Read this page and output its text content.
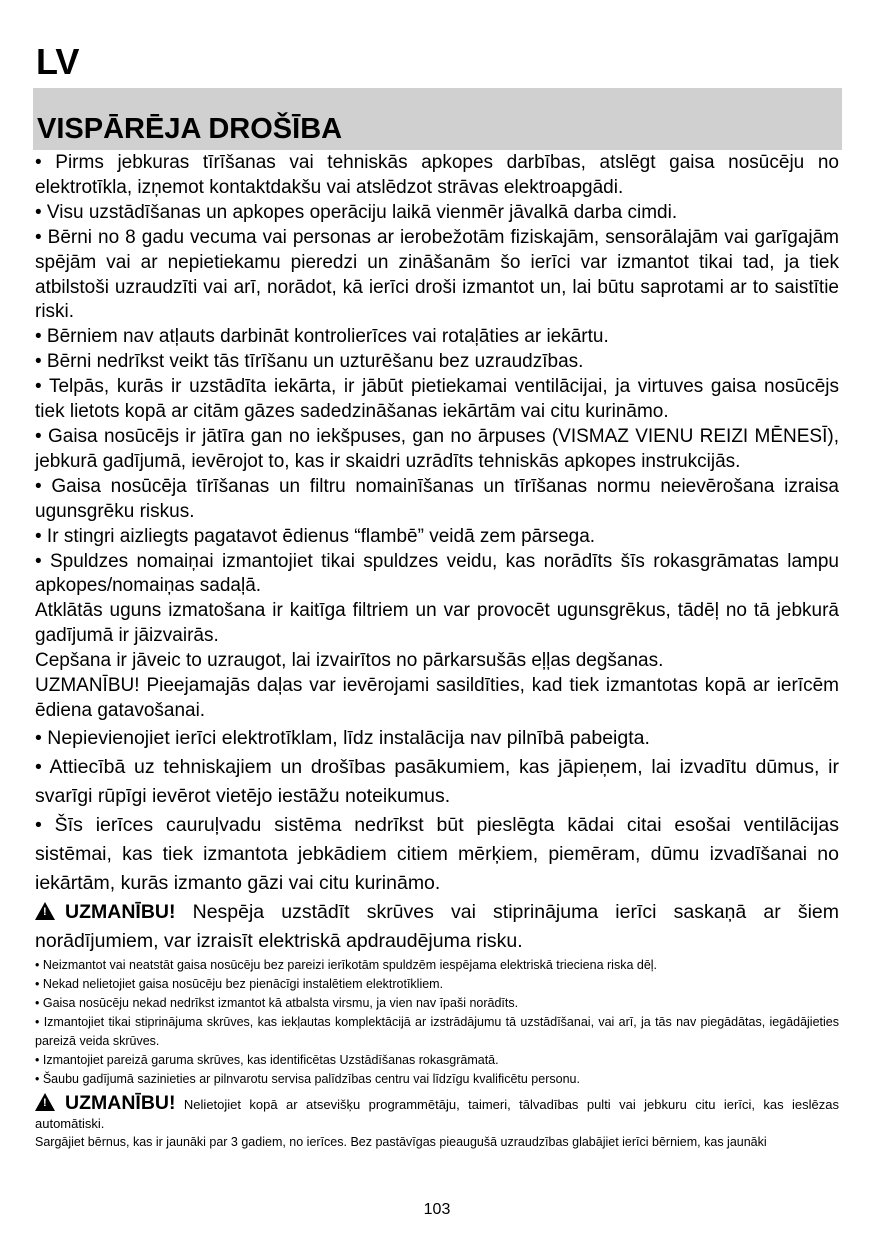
LV
VISPĀRĒJA DROŠĪBA

• Pirms jebkuras tīrīšanas vai tehniskās apkopes darbības, atslēgt gaisa nosūcēju no elektrotīkla, izņemot kontaktdakšu vai atslēdzot strāvas elektroapgādi.

• Visu uzstādīšanas un apkopes operāciju laikā vienmēr jāvalkā darba cimdi.

• Bērni no 8 gadu vecuma vai personas ar ierobežotām fiziskajām, sensorālajām vai garīgajām spējām vai ar nepietiekamu pieredzi un zināšanām šo ierīci var izmantot tikai tad, ja tiek atbilstoši uzraudzīti vai arī, norādot, kā ierīci droši izmantot un, lai būtu saprotami ar to saistītie riski.

• Bērniem nav atļauts darbināt kontrolierīces vai rotaļāties ar iekārtu.

• Bērni nedrīkst veikt tās tīrīšanu un uzturēšanu bez uzraudzības.

• Telpās, kurās ir uzstādīta iekārta, ir jābūt pietiekamai ventilācijai, ja virtuves gaisa nosūcējs tiek lietots kopā ar citām gāzes sadedzināšanas iekārtām vai citu kurināmo.

• Gaisa nosūcējs ir jātīra gan no iekšpuses, gan no ārpuses (VISMAZ VIENU REIZI MĒNESĪ), jebkurā gadījumā, ievērojot to, kas ir skaidri uzrādīts tehniskās apkopes instrukcijās.

• Gaisa nosūcēja tīrīšanas un filtru nomainīšanas un tīrīšanas normu neievērošana izraisa ugunsgrēku riskus.

• Ir stingri aizliegts pagatavot ēdienus “flambē” veidā zem pārsega.

• Spuldzes nomaiņai izmantojiet tikai spuldzes veidu, kas norādīts šīs rokasgrāmatas lampu apkopes/nomaiņas sadaļā.

Atklātās uguns izmatošana ir kaitīga filtriem un var provocēt ugunsgrēkus, tādēļ no tā jebkurā gadījumā ir jāizvairās.

Cepšana ir jāveic to uzraugot, lai izvairītos no pārkarsušās eļļas degšanas.

UZMANĪBU! Pieejamajās daļas var ievērojami sasildīties, kad tiek izmantotas kopā ar ierīcēm ēdiena gatavošanai.

• Nepievienojiet ierīci elektrotīklam, līdz instalācija nav pilnībā pabeigta.

• Attiecībā uz tehniskajiem un drošības pasākumiem, kas jāpieņem, lai izvadītu dūmus, ir svarīgi rūpīgi ievērot vietējo iestāžu noteikumus.

• Šīs ierīces cauruļvadu sistēma nedrīkst būt pieslēgta kādai citai esošai ventilācijas sistēmai, kas tiek izmantota jebkādiem citiem mērķiem, piemēram, dūmu izvadīšanai no iekārtām, kurās izmanto gāzi vai citu kurināmo.

!UZMANĪBU! Nespēja uzstādīt skrūves vai stiprinājuma ierīci saskaņā ar šiem norādījumiem, var izraisīt elektriskā apdraudējuma risku.

• Neizmantot vai neatstāt gaisa nosūcēju bez pareizi ierīkotām spuldzēm iespējama elektriskā trieciena riska dēļ.

• Nekad nelietojiet gaisa nosūcēju bez pienācīgi instalētiem elektrotīkliem.

• Gaisa nosūcēju nekad nedrīkst izmantot kā atbalsta virsmu, ja vien nav īpaši norādīts.

• Izmantojiet tikai stiprinājuma skrūves, kas iekļautas komplektācijā ar izstrādājumu tā uzstādīšanai, vai arī, ja tās nav piegādātas, iegādājieties pareizā veida skrūves.

• Izmantojiet pareizā garuma skrūves, kas identificētas Uzstādīšanas rokasgrāmatā.

• Šaubu gadījumā sazinieties ar pilnvarotu servisa palīdzības centru vai līdzīgu kvalificētu personu.

!UZMANĪBU! Nelietojiet kopā ar atsevišķu programmētāju, taimeri, tālvadības pulti vai jebkuru citu ierīci, kas ieslēzas automātiski.

Sargājiet bērnus, kas ir jaunāki par 3 gadiem, no ierīces. Bez pastāvīgas pieaugušā uzraudzības glabājiet ierīci bērniem, kas jaunāki

103
